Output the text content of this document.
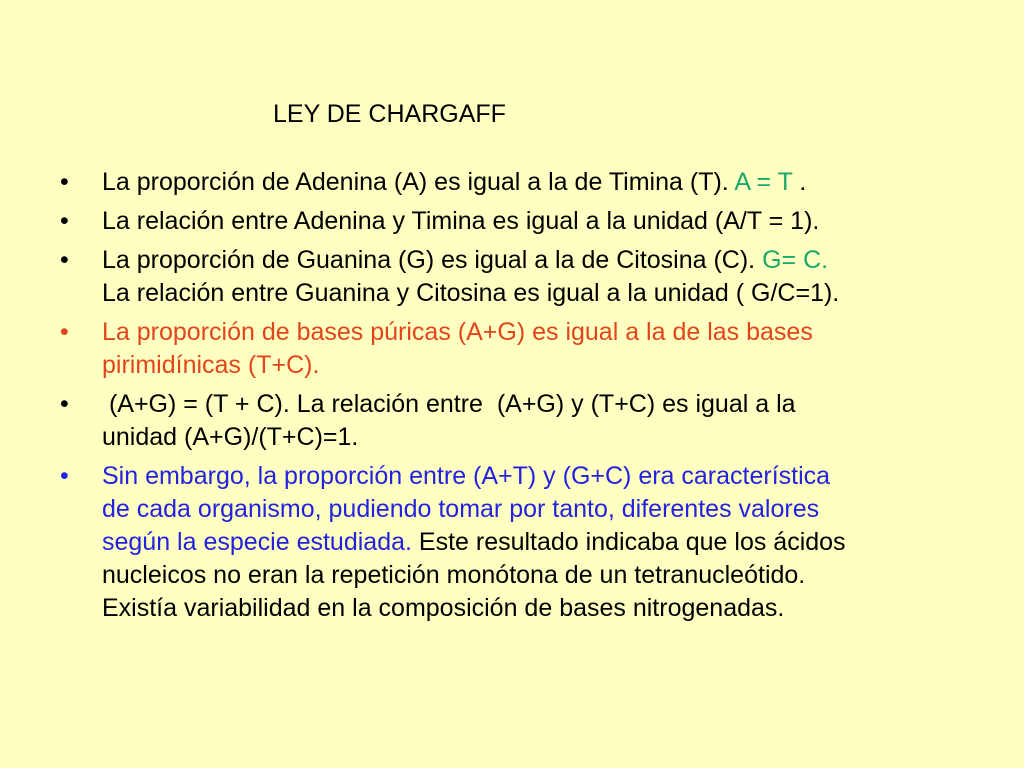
LEY DE CHARGAFF
•	La proporción de Adenina (A) es igual a la de Timina (T). A = T .
•	La relación entre Adenina y Timina es igual a la unidad (A/T = 1).
•	La proporción de Guanina (G) es igual a la de Citosina (C). G= C.
La relación entre Guanina y Citosina es igual a la unidad ( G/C=1).
•	La proporción de bases púricas (A+G) es igual a la de las bases
pirimidínicas (T+C).
•	(A+G) = (T + C). La relación entre  (A+G) y (T+C) es igual a la
unidad (A+G)/(T+C)=1.
•	Sin embargo, la proporción entre (A+T) y (G+C) era característica
de cada organismo, pudiendo tomar por tanto, diferentes valores
según la especie estudiada. Este resultado indicaba que los ácidos
nucleicos no eran la repetición monótona de un tetranucleótido.
Existía variabilidad en la composición de bases nitrogenadas.
